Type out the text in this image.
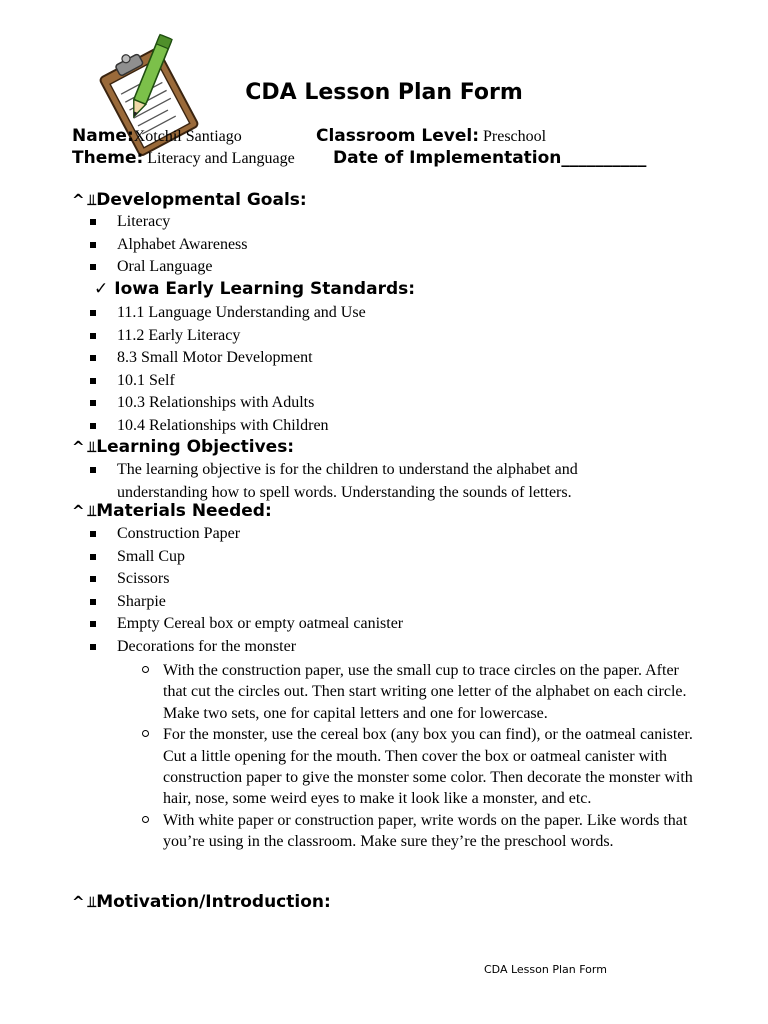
CDA Lesson Plan Form
Name: Xotchil Santiago	Classroom Level: Preschool
Theme: Literacy and Language Date of Implementation__________
^ ⫫Developmental Goals:
Literacy
Alphabet Awareness
Oral Language
✓ Iowa Early Learning Standards:
11.1 Language Understanding and Use
11.2 Early Literacy
8.3 Small Motor Development
10.1 Self
10.3 Relationships with Adults
10.4 Relationships with Children
^ ⫫Learning Objectives:
The learning objective is for the children to understand the alphabet and understanding how to spell words. Understanding the sounds of letters.
^ ⫫Materials Needed:
Construction Paper
Small Cup
Scissors
Sharpie
Empty Cereal box or empty oatmeal canister
Decorations for the monster
With the construction paper, use the small cup to trace circles on the paper. After that cut the circles out. Then start writing one letter of the alphabet on each circle. Make two sets, one for capital letters and one for lowercase.
For the monster, use the cereal box (any box you can find), or the oatmeal canister. Cut a little opening for the mouth. Then cover the box or oatmeal canister with construction paper to give the monster some color. Then decorate the monster with hair, nose, some weird eyes to make it look like a monster, and etc.
With white paper or construction paper, write words on the paper. Like words that you’re using in the classroom. Make sure they’re the preschool words.
^ ⫫Motivation/Introduction:
CDA Lesson Plan Form
